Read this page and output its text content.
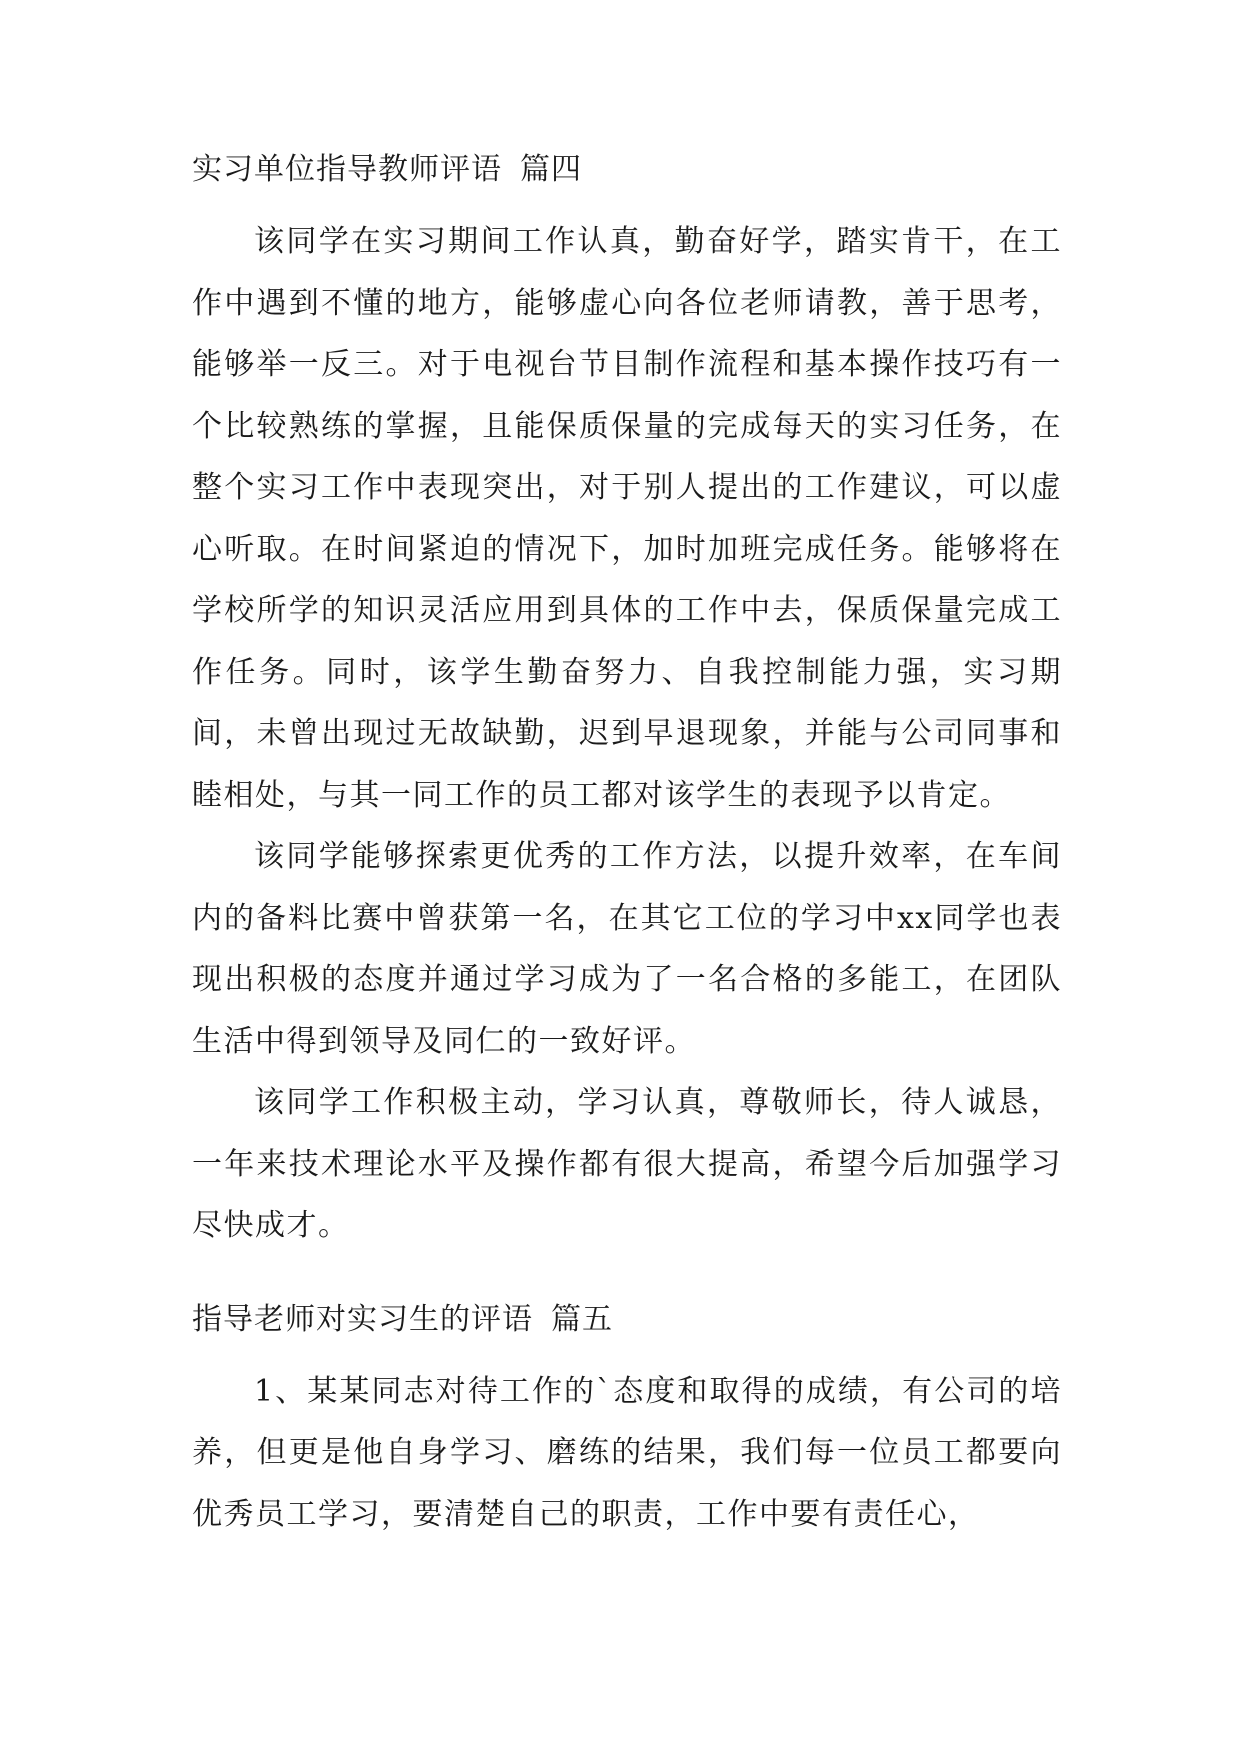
实习单位指导教师评语 篇四

该同学在实习期间工作认真，勤奋好学，踏实肯干，在工作中遇到不懂的地方，能够虚心向各位老师请教，善于思考，能够举一反三。对于电视台节目制作流程和基本操作技巧有一个比较熟练的掌握，且能保质保量的完成每天的实习任务，在整个实习工作中表现突出，对于别人提出的工作建议，可以虚心听取。在时间紧迫的情况下，加时加班完成任务。能够将在学校所学的知识灵活应用到具体的工作中去，保质保量完成工作任务。同时，该学生勤奋努力、自我控制能力强，实习期间，未曾出现过无故缺勤，迟到早退现象，并能与公司同事和睦相处，与其一同工作的员工都对该学生的表现予以肯定。

该同学能够探索更优秀的工作方法，以提升效率，在车间内的备料比赛中曾获第一名，在其它工位的学习中xx同学也表现出积极的态度并通过学习成为了一名合格的多能工，在团队生活中得到领导及同仁的一致好评。

该同学工作积极主动，学习认真，尊敬师长，待人诚恳，一年来技术理论水平及操作都有很大提高，希望今后加强学习尽快成才。

指导老师对实习生的评语 篇五

1、某某同志对待工作的`态度和取得的成绩，有公司的培养，但更是他自身学习、磨练的结果，我们每一位员工都要向优秀员工学习，要清楚自己的职责，工作中要有责任心，
